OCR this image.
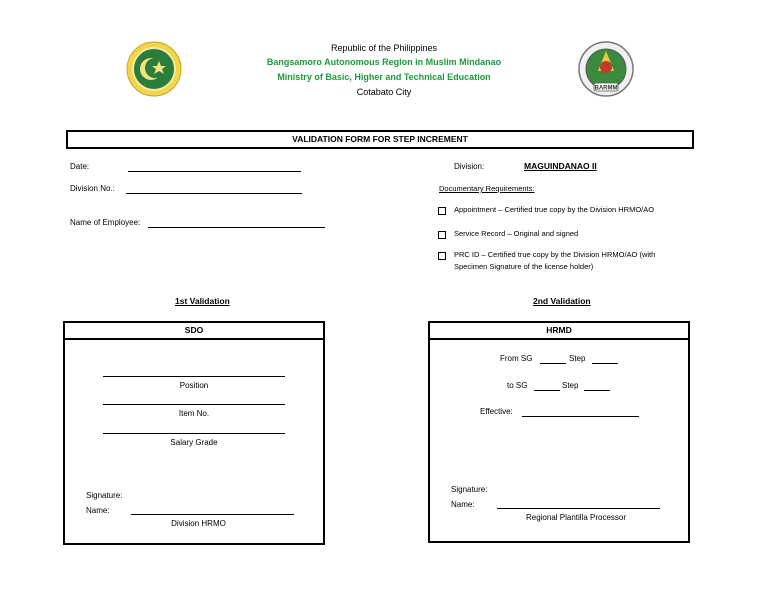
BARMM
Republic of the Philippines
Bangsamoro Autonomous Region in Muslim Mindanao
Ministry of Basic, Higher and Technical Education
Cotabato City
VALIDATION FORM FOR STEP INCREMENT
Date:
Division No.:
Name of Employee:
Division:	MAGUINDANAO II
Documentary Requirements:
Appointment – Certified true copy by the Division HRMO/AO
Service Record – Original and signed
PRC ID – Certified true copy by the Division HRMO/AO (with
Specimen Signature of the license holder)
1st Validation	2nd Validation
SDO
Position
Item No.
Salary Grade
Signature:
Name:
Division HRMO
HRMD
From SG	Step
to SG	Step
Effective:
Signature:
Name:
Regional Plantilla Processor
